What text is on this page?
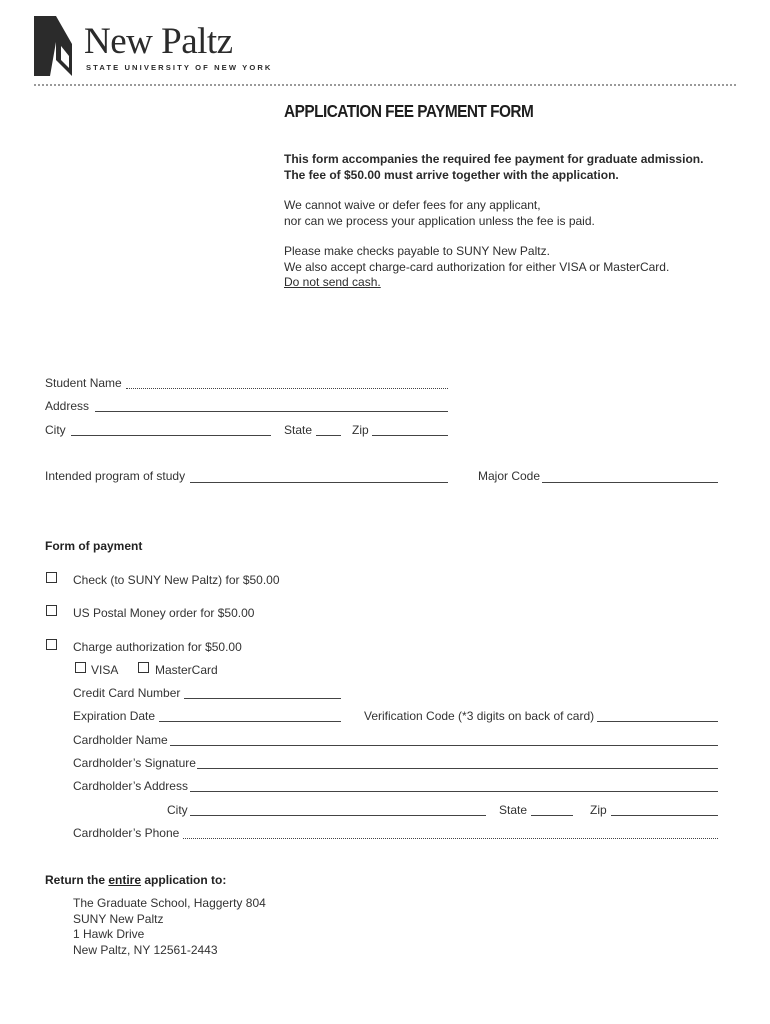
New Paltz
STATE UNIVERSITY OF NEW YORK
APPLICATION FEE PAYMENT FORM
This form accompanies the required fee payment for graduate admission.
The fee of $50.00 must arrive together with the application.
We cannot waive or defer fees for any applicant,
nor can we process your application unless the fee is paid.
Please make checks payable to SUNY New Paltz.
We also accept charge-card authorization for either VISA or MasterCard.
Do not send cash.
Student Name
Address
City	State	Zip
Intended program of study	Major Code
Form of payment
Check (to SUNY New Paltz) for $50.00
US Postal Money order for $50.00
Charge authorization for $50.00
VISA	MasterCard
Credit Card Number
Expiration Date	Verification Code (*3 digits on back of card)
Cardholder Name
Cardholder’s Signature
Cardholder’s Address
City	State	Zip
Cardholder’s Phone
Return the entire application to:
The Graduate School, Haggerty 804
SUNY New Paltz
1 Hawk Drive
New Paltz, NY 12561-2443
